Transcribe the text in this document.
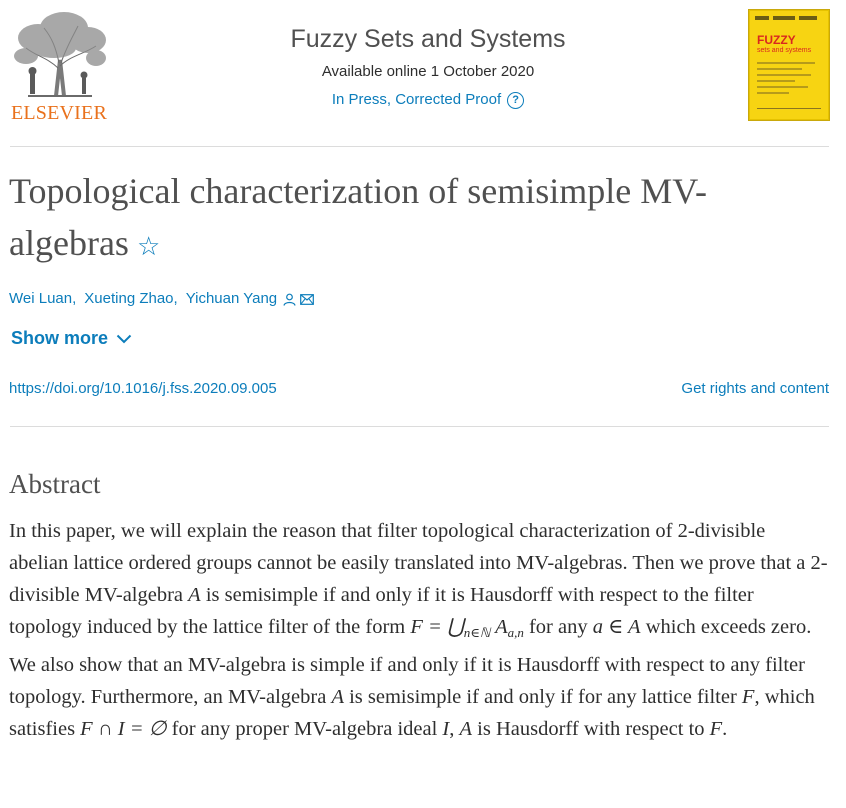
ELSEVIER
Fuzzy Sets and Systems
Available online 1 October 2020
In Press, Corrected Proof	?
FUZZY
sets and systems
Topological characterization of semisimple MV-algebras ☆
Wei Luan, Xueting Zhao, Yichuan Yang
Show more
https://doi.org/10.1016/j.fss.2020.09.005	Get rights and content
Abstract

In this paper, we will explain the reason that filter topological characterization of 2-divisible abelian lattice ordered groups cannot be easily translated into MV-algebras. Then we prove that a 2-divisible MV-algebra A is semisimple if and only if it is Hausdorff with respect to the filter topology induced by the lattice filter of the form F = ⋃n∈ℕ Aa,n for any a ∈ A which exceeds zero. We also show that an MV-algebra is simple if and only if it is Hausdorff with respect to any filter topology. Furthermore, an MV-algebra A is semisimple if and only if for any lattice filter F, which satisfies F ∩ I = ∅ for any proper MV-algebra ideal I, A is Hausdorff with respect to F.
